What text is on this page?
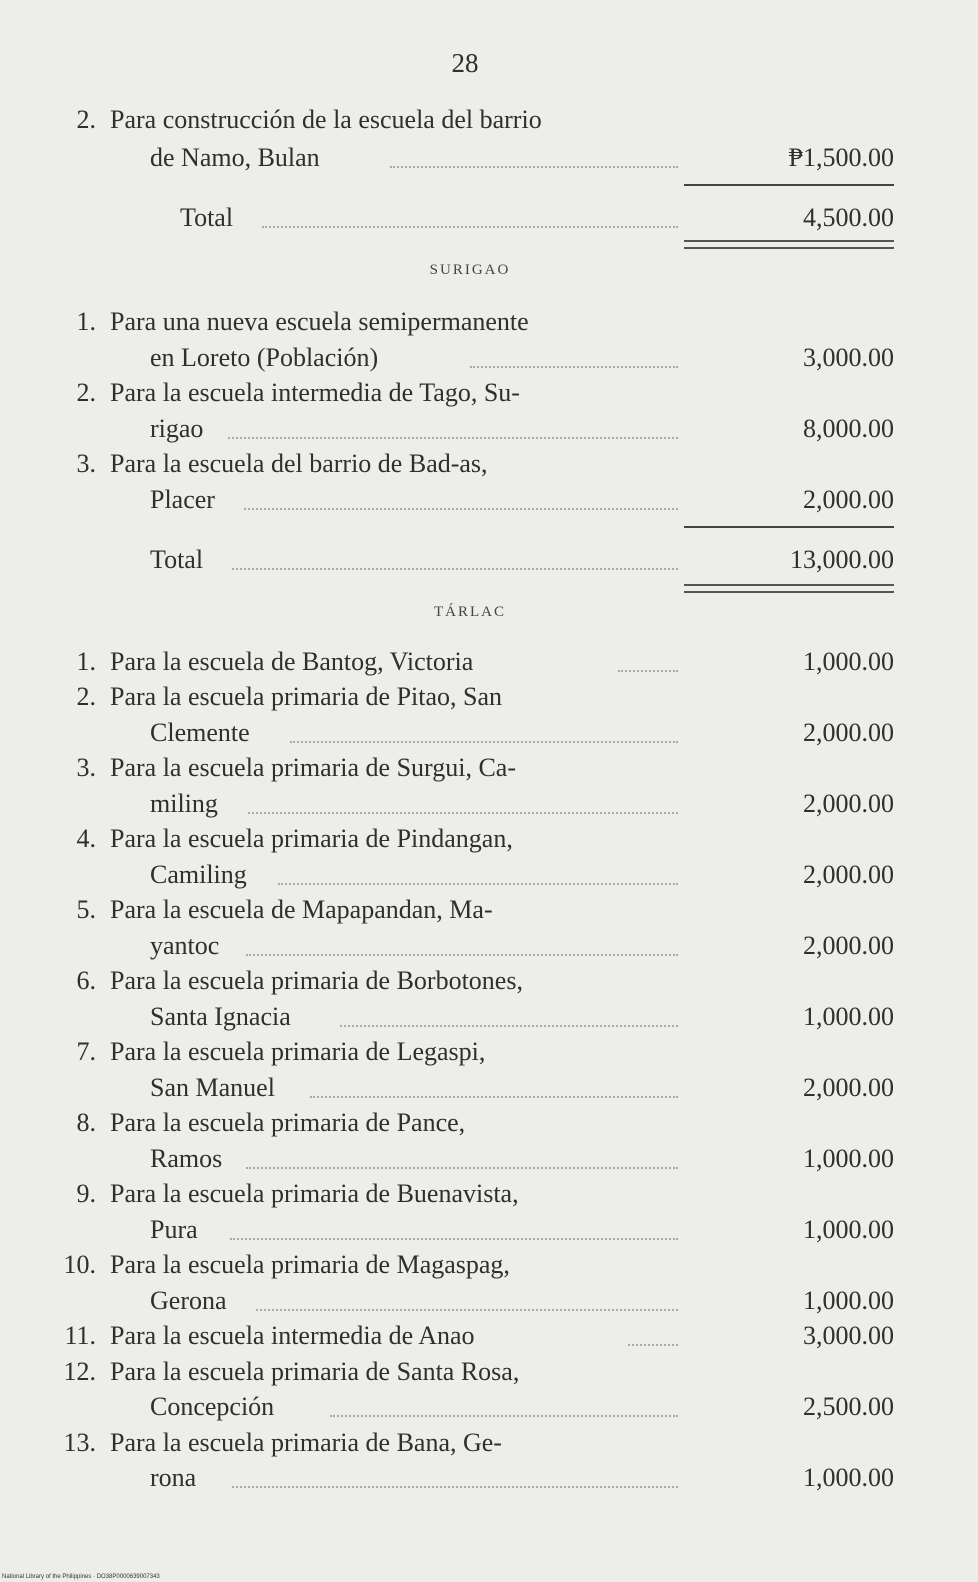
28
2. Para construcción de la escuela del barrio
de Namo, Bulan	₱1,500.00
Total	4,500.00
SURIGAO
1. Para una nueva escuela semipermanente
en Loreto (Población)	3,000.00
2. Para la escuela intermedia de Tago, Su-
rigao	8,000.00
3. Para la escuela del barrio de Bad-as,
Placer	2,000.00
Total	13,000.00
TÁRLAC
1. Para la escuela de Bantog, Victoria	1,000.00
2. Para la escuela primaria de Pitao, San
Clemente	2,000.00
3. Para la escuela primaria de Surgui, Ca-
miling	2,000.00
4. Para la escuela primaria de Pindangan,
Camiling	2,000.00
5. Para la escuela de Mapapandan, Ma-
yantoc	2,000.00
6. Para la escuela primaria de Borbotones,
Santa Ignacia	1,000.00
7. Para la escuela primaria de Legaspi,
San Manuel	2,000.00
8. Para la escuela primaria de Pance,
Ramos	1,000.00
9. Para la escuela primaria de Buenavista,
Pura	1,000.00
10. Para la escuela primaria de Magaspag,
Gerona	1,000.00
11. Para la escuela intermedia de Anao	3,000.00
12. Para la escuela primaria de Santa Rosa,
Concepción	2,500.00
13. Para la escuela primaria de Bana, Ge-
rona	1,000.00
National Library of the Philippines · DO38P0000639007343
